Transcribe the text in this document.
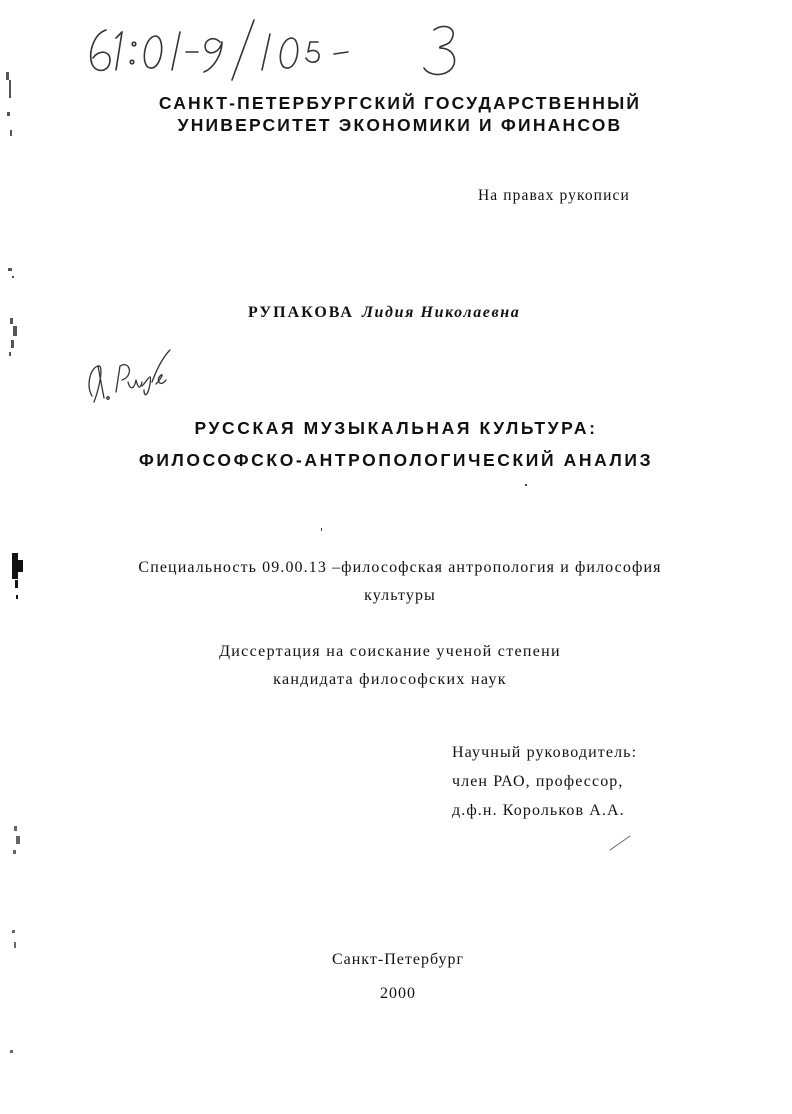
САНКТ-ПЕТЕРБУРГСКИЙ ГОСУДАРСТВЕННЫЙ
УНИВЕРСИТЕТ ЭКОНОМИКИ И ФИНАНСОВ
На правах рукописи
РУПАКОВА Лидия Николаевна
РУССКАЯ МУЗЫКАЛЬНАЯ КУЛЬТУРА:
ФИЛОСОФСКО-АНТРОПОЛОГИЧЕСКИЙ АНАЛИЗ
Специальность 09.00.13 –философская антропология и философия
культуры
Диссертация на соискание ученой степени
кандидата философских наук
Научный руководитель:
член РАО, профессор,
д.ф.н. Корольков А.А.
Санкт-Петербург
2000
